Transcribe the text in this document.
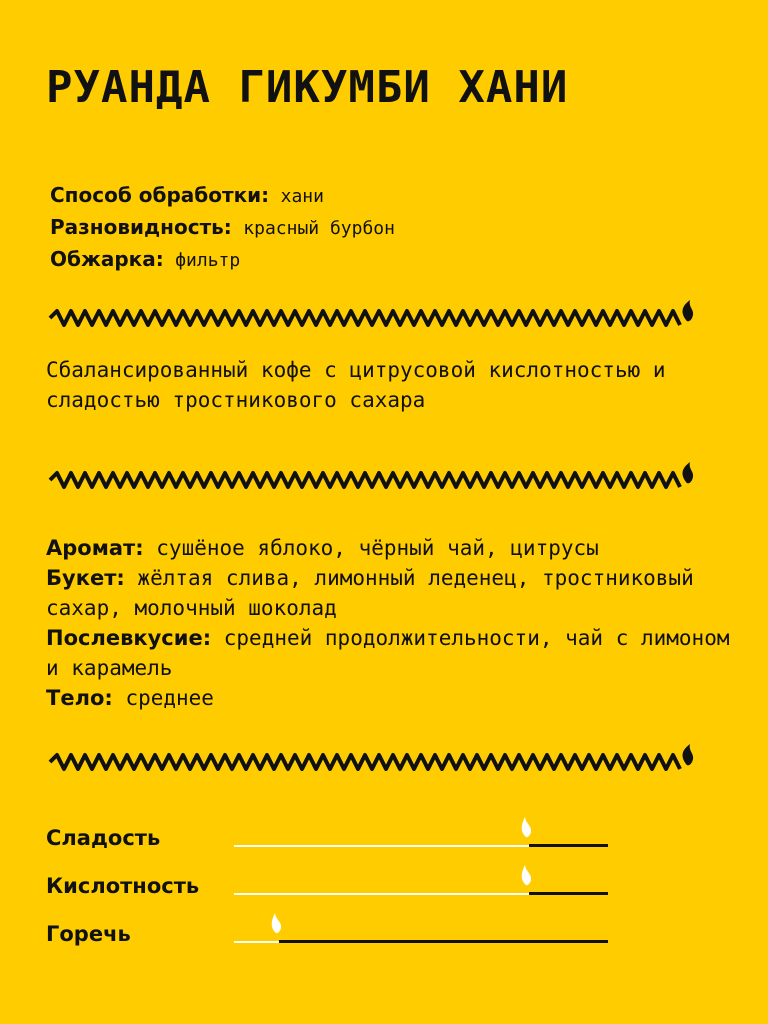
РУАНДА ГИКУМБИ ХАНИ
Способ обработки: хани
Разновидность: красный бурбон
Обжарка: фильтр

Сбалансированный кофе с цитрусовой кислотностью и сладостью тростникового сахара

Аромат: сушёное яблоко, чёрный чай, цитрусы

Букет: жёлтая слива, лимонный леденец, тростниковый сахар, молочный шоколад

Послевкусие: средней продолжительности, чай с лимоном и карамель

Тело: среднее

Сладость
Кислотность
Горечь
